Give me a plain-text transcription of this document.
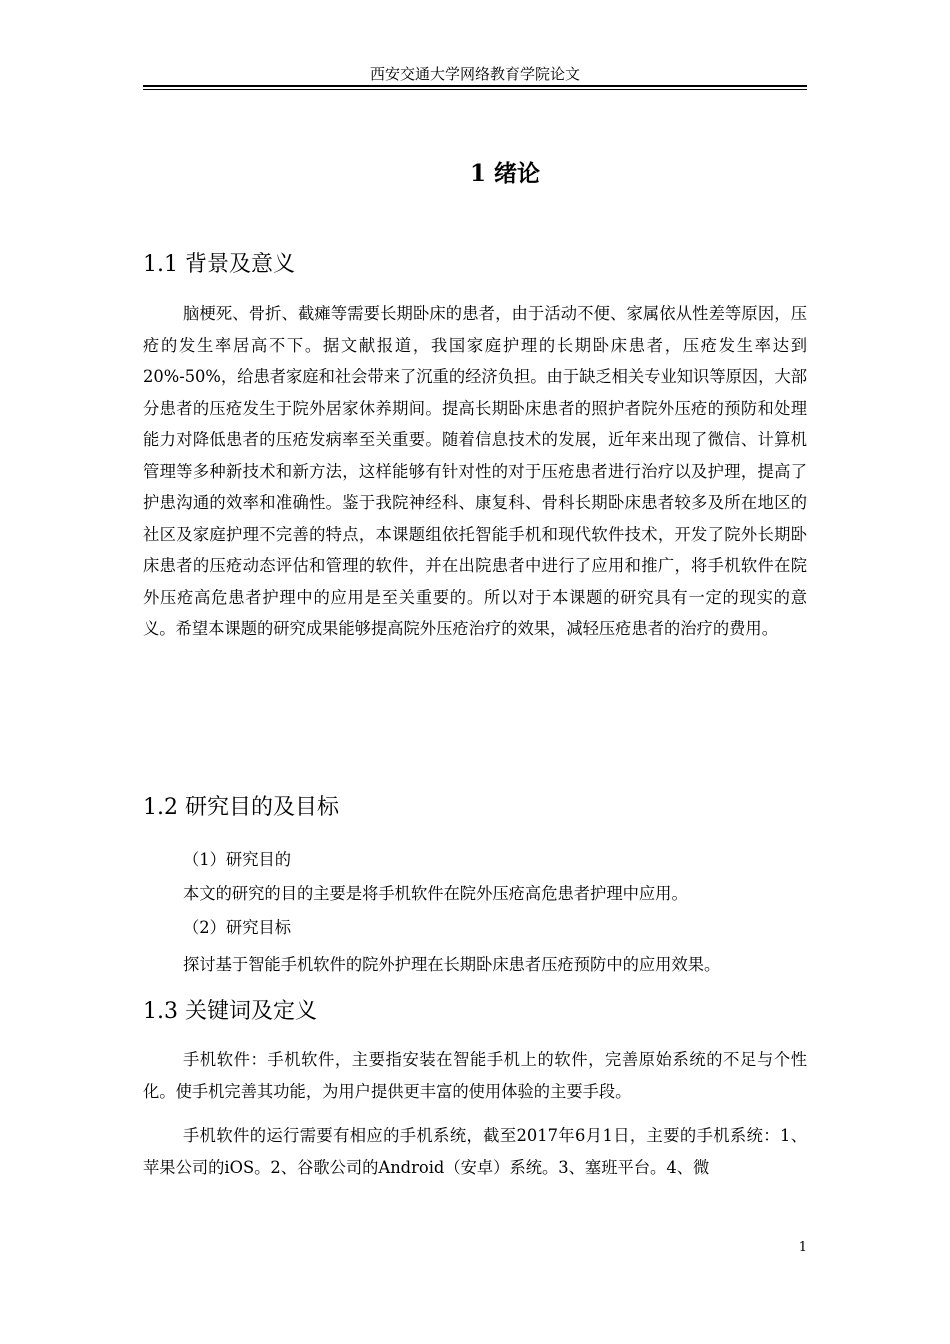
西安交通大学网络教育学院论文
1 绪论
1.1 背景及意义

脑梗死、骨折、截瘫等需要长期卧床的患者，由于活动不便、家属依从性差等原因，压疮的发生率居高不下。据文献报道，我国家庭护理的长期卧床患者，压疮发生率达到20%-50%，给患者家庭和社会带来了沉重的经济负担。由于缺乏相关专业知识等原因，大部分患者的压疮发生于院外居家休养期间。提高长期卧床患者的照护者院外压疮的预防和处理能力对降低患者的压疮发病率至关重要。随着信息技术的发展，近年来出现了微信、计算机管理等多种新技术和新方法，这样能够有针对性的对于压疮患者进行治疗以及护理，提高了护患沟通的效率和准确性。鉴于我院神经科、康复科、骨科长期卧床患者较多及所在地区的社区及家庭护理不完善的特点，本课题组依托智能手机和现代软件技术，开发了院外长期卧床患者的压疮动态评估和管理的软件，并在出院患者中进行了应用和推广，将手机软件在院外压疮高危患者护理中的应用是至关重要的。所以对于本课题的研究具有一定的现实的意义。希望本课题的研究成果能够提高院外压疮治疗的效果，减轻压疮患者的治疗的费用。

1.2 研究目的及目标
（1）研究目的
本文的研究的目的主要是将手机软件在院外压疮高危患者护理中应用。
（2）研究目标
探讨基于智能手机软件的院外护理在长期卧床患者压疮预防中的应用效果。
1.3 关键词及定义

手机软件：手机软件，主要指安装在智能手机上的软件，完善原始系统的不足与个性化。使手机完善其功能，为用户提供更丰富的使用体验的主要手段。

手机软件的运行需要有相应的手机系统，截至2017年6月1日，主要的手机系统：1、苹果公司的iOS。2、谷歌公司的Android（安卓）系统。3、塞班平台。4、微

1
